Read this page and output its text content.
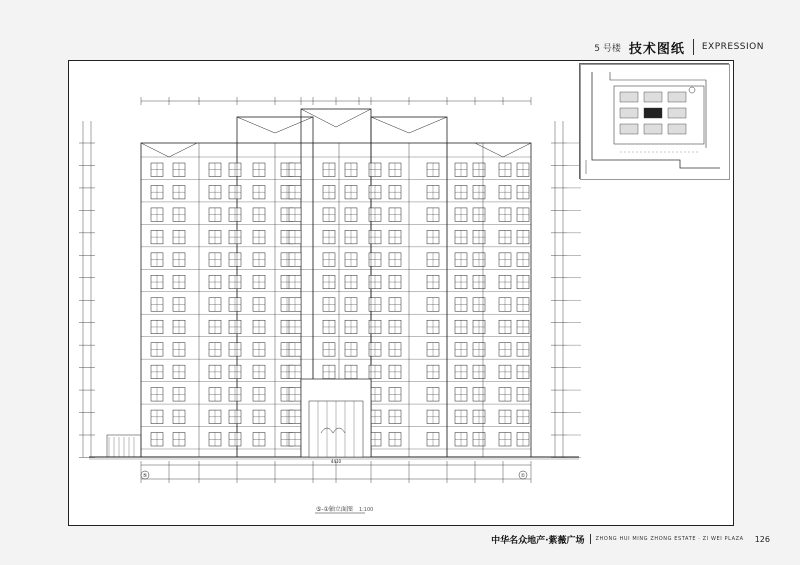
5 号楼 技术图纸 EXPRESSION
⑤	①
4410
⑤-①轴立面图 1:100
中华名众地产·紫薇广场 ZHONG HUI MING ZHONG ESTATE · ZI WEI PLAZA 126
